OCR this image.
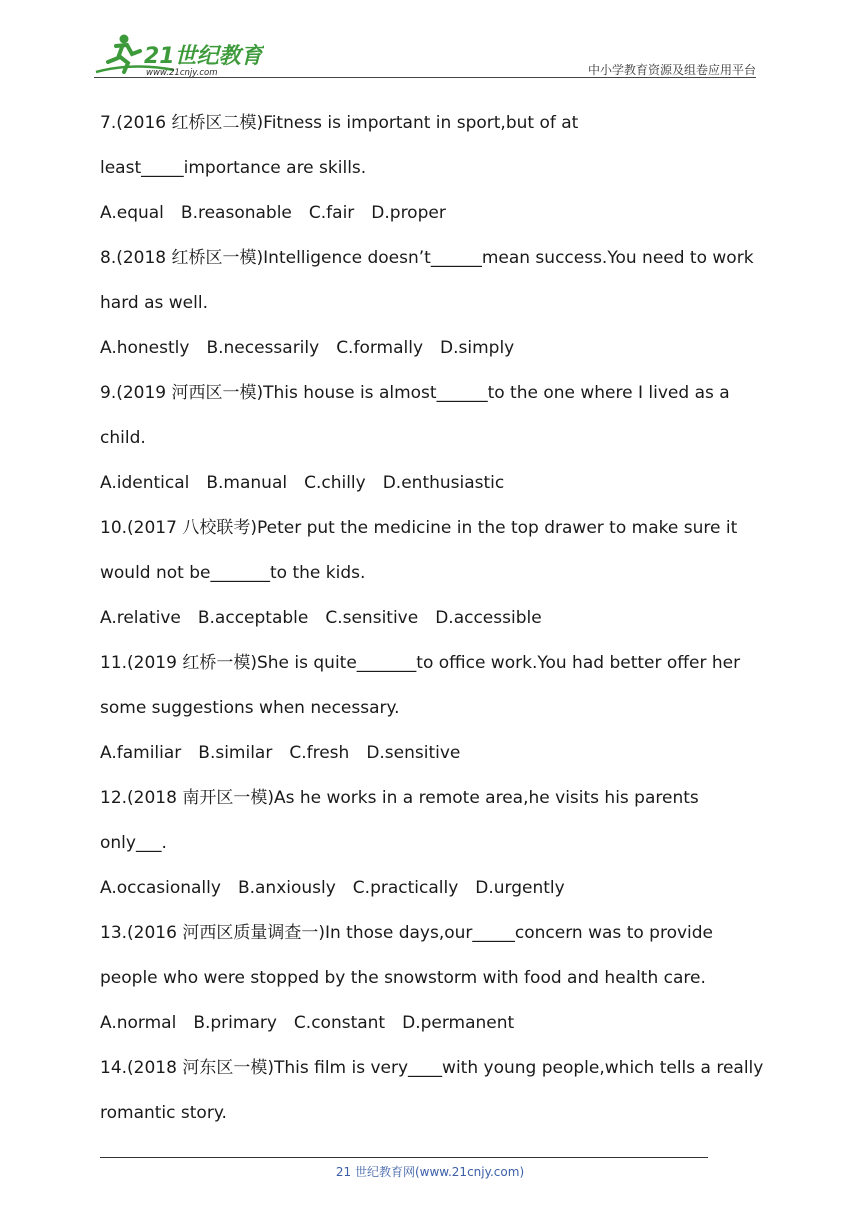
21世纪教育
www.21cnjy.com	中小学教育资源及组卷应用平台
7.(2016 红桥区二模)Fitness is important in sport,but of at
least_____importance are skills.
A.equal B.reasonable C.fair D.proper
8.(2018 红桥区一模)Intelligence doesn’t______mean success.You need to work
hard as well.
A.honestly B.necessarily C.formally D.simply
9.(2019 河西区一模)This house is almost______to the one where I lived as a
child.
A.identical B.manual C.chilly D.enthusiastic
10.(2017 八校联考)Peter put the medicine in the top drawer to make sure it
would not be_______to the kids.
A.relative B.acceptable C.sensitive D.accessible
11.(2019 红桥一模)She is quite_______to office work.You had better offer her
some suggestions when necessary.
A.familiar B.similar C.fresh D.sensitive
12.(2018 南开区一模)As he works in a remote area,he visits his parents
only___.
A.occasionally B.anxiously C.practically D.urgently
13.(2016 河西区质量调查一)In those days,our_____concern was to provide
people who were stopped by the snowstorm with food and health care.
A.normal B.primary C.constant D.permanent
14.(2018 河东区一模)This film is very____with young people,which tells a really
romantic story.
21 世纪教育网(www.21cnjy.com)
